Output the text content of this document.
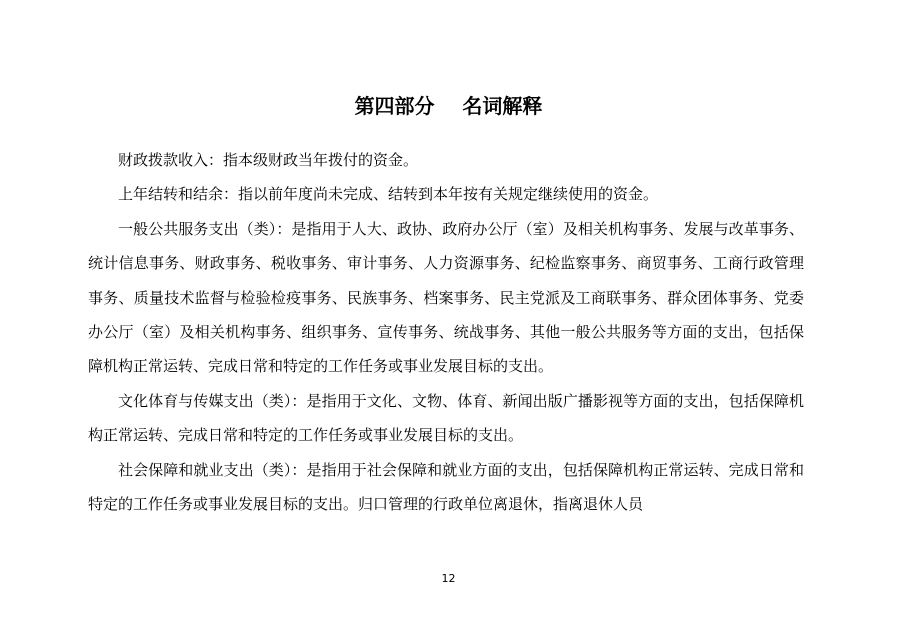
第四部分    名词解释

财政拨款收入：指本级财政当年拨付的资金。

上年结转和结余：指以前年度尚未完成、结转到本年按有关规定继续使用的资金。

一般公共服务支出（类）：是指用于人大、政协、政府办公厅（室）及相关机构事务、发展与改革事务、统计信息事务、财政事务、税收事务、审计事务、人力资源事务、纪检监察事务、商贸事务、工商行政管理事务、质量技术监督与检验检疫事务、民族事务、档案事务、民主党派及工商联事务、群众团体事务、党委办公厅（室）及相关机构事务、组织事务、宣传事务、统战事务、其他一般公共服务等方面的支出，包括保障机构正常运转、完成日常和特定的工作任务或事业发展目标的支出。

文化体育与传媒支出（类）：是指用于文化、文物、体育、新闻出版广播影视等方面的支出，包括保障机构正常运转、完成日常和特定的工作任务或事业发展目标的支出。

社会保障和就业支出（类）：是指用于社会保障和就业方面的支出，包括保障机构正常运转、完成日常和特定的工作任务或事业发展目标的支出。归口管理的行政单位离退休，指离退休人员

12
